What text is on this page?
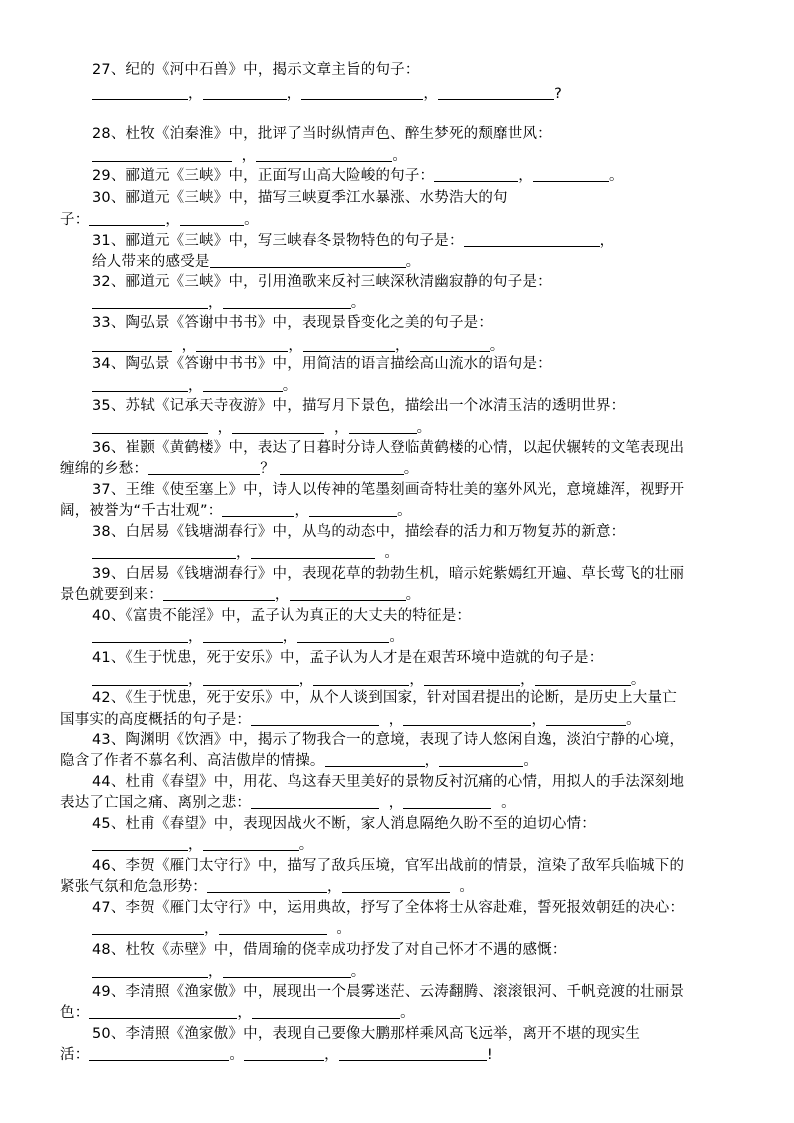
27、纪的《河中石兽》中，揭示文章主旨的句子：
，	，	，	?
28、杜牧《泊秦淮》中，批评了当时纵情声色、醉生梦死的颓靡世风：
，	。
29、郦道元《三峡》中，正面写山高大险峻的句子：	，	。
30、郦道元《三峡》中，描写三峡夏季江水暴涨、水势浩大的句
子：	，	。
31、郦道元《三峡》中，写三峡春冬景物特色的句子是：	，
给人带来的感受是	。
32、郦道元《三峡》中，引用渔歌来反衬三峡深秋清幽寂静的句子是：
，	。
33、陶弘景《答谢中书书》中，表现景昏变化之美的句子是：
，	，	，	。
34、陶弘景《答谢中书书》中，用简洁的语言描绘高山流水的语句是：
，	。
35、苏轼《记承天寺夜游》中，描写月下景色，描绘出一个冰清玉洁的透明世界：
，	，	。
36、崔颢《黄鹤楼》中，表达了日暮时分诗人登临黄鹤楼的心情，以起伏辗转的文笔表现出
缠绵的乡愁：	？	。
37、王维《使至塞上》中，诗人以传神的笔墨刻画奇特壮美的塞外风光，意境雄浑，视野开
阔，被誉为“千古壮观”：	，	。
38、白居易《钱塘湖春行》中，从鸟的动态中，描绘春的活力和万物复苏的新意：
，	。
39、白居易《钱塘湖春行》中，表现花草的勃勃生机，暗示姹紫嫣红开遍、草长莺飞的壮丽
景色就要到来：	，	。
40、《富贵不能淫》中，孟子认为真正的大丈夫的特征是：
，	，	。
41、《生于忧患，死于安乐》中，孟子认为人才是在艰苦环境中造就的句子是：
，	，	，	，	。
42、《生于忧患，死于安乐》中，从个人谈到国家，针对国君提出的论断，是历史上大量亡
国事实的高度概括的句子是：	，	，	。
43、陶渊明《饮酒》中，揭示了物我合一的意境，表现了诗人悠闲自逸，淡泊宁静的心境，
隐含了作者不慕名利、高洁傲岸的情操。	，	。
44、杜甫《春望》中，用花、鸟这春天里美好的景物反衬沉痛的心情，用拟人的手法深刻地
表达了亡国之痛、离别之悲：	，	。
45、杜甫《春望》中，表现因战火不断，家人消息隔绝久盼不至的迫切心情：
，	。
46、李贺《雁门太守行》中，描写了敌兵压境，官军出战前的情景，渲染了敌军兵临城下的
紧张气氛和危急形势：	，	。
47、李贺《雁门太守行》中，运用典故，抒写了全体将士从容赴难，誓死报效朝廷的决心：
，	。
48、杜牧《赤壁》中，借周瑜的侥幸成功抒发了对自己怀才不遇的感慨：
，	。
49、李清照《渔家傲》中，展现出一个晨雾迷茫、云涛翻腾、滚滚银河、千帆竞渡的壮丽景
色：	，	。
50、李清照《渔家傲》中，表现自己要像大鹏那样乘风高飞远举，离开不堪的现实生
活：	。	，	!
